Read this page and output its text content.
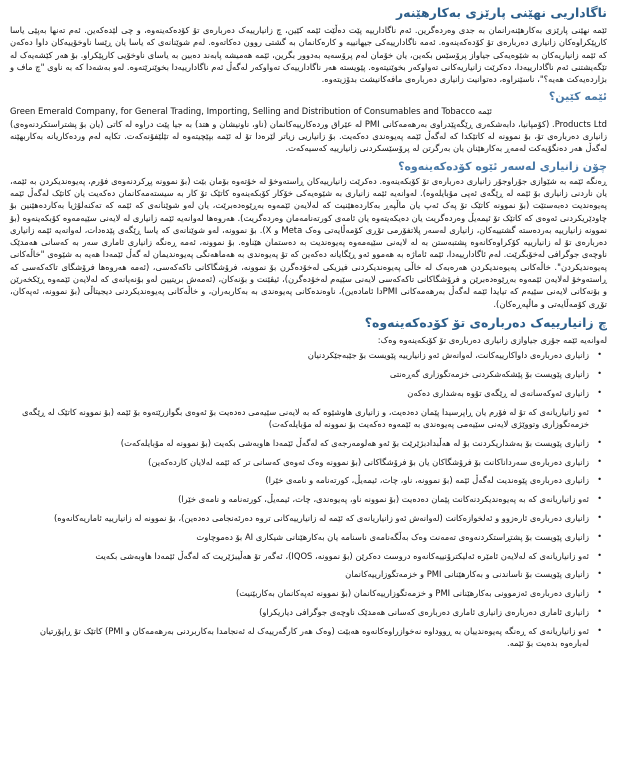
ناگاداریی نهێنی پارێزی بەکارهێنەر

ئێمە نهێنی پارێزی بەکارهێنەرانمان بە جدی وەردەگرین. ئەم ناگادارییە پێت دەڵێت ئێمە کێین، چ زانیارییەک دەربارەی تۆ کۆدەکەینەوە، و چی لێدەکەین. ئەم تەنها بەپێی یاسا کارپێکراوەکان زانیاری دەربارەی تۆ کۆدەکەینەوە. ئەمە ناگادارییەکی جیهانییە و کارەکانمان بە گشتی روون دەکاتەوە. لەم شوێنانەی کە یاسا یان ڕێسا ناوخۆییەکان داوا دەکەن کە ئێمە زانیاریەکان بە شێوەیەکی جیاواز پرۆسێس بکەین، یان خۆمان لەم پرۆسەیە بەدوور بگرین، ئێمە هەمیشە پابەند دەبین بە یاسای ناوخۆیی کارپێکراو. بۆ هەر کێشەیەک لە تێگەیشتنی ئەم ناگادارییەدا، دەکرێت زانیاریەکانی تەواوکەر بخوێنیتەوە. پێویستە هەر ناگادارییەک تەواوکەر لەگەڵ ئەم ناگادارییەدا بخوێنرێتەوە. لەو بەشەدا کە بە ناوی "چ ماف و بژاردەیەکت هەیە؟"، ناسێنراوە، دەتوانیت زانیاری دەربارەی مافەکانیشت بدۆزیتەوە.

ئێمە کێین؟

Green Emerald Company, for General Trading, Importing, Selling and Distribution of Consumables and Tobacco ئێمە

Products Ltd. (کۆمپانیا، دابەشکەری ڕێگەپێدراوی بەرهەمەکانی PMI لە عێراق وردەکارییەکانمان (ناو، ناونیشان و هتد) بە جیا پێت دراوە لە کاتی (یان بۆ پشتراستکردنەوەی) زانیاری دەربارەی تۆ، بۆ نموونە لە کاتێکدا کە لەگەڵ ئێمە پەیوەندی دەکەیت. بۆ زانیاریی زیاتر لێرەدا تۆ لە ئێمە بپێچیتەوە لە تێلێفۆنەکەت. تکایە لەم وردەکاریانە بەکاربهێنە لەگەڵ هەر دەنگۆیەکت لەمەڕ بەکارهێنان یان بەرگرتن لە پرۆسێسکردنی زانیارییە کەسیەکەت.

چۆن زانیاری لەسەر ئێوە کۆدەکەینەوە؟

ڕەنگە ئێمە بە شێوازی جۆراوجۆر زانیاری دەربارەی تۆ کۆبکەینەوە. دەکرێت زانیارییەکان ڕاستەوخۆ لە خۆتەوە بۆمان بێت (بۆ نموونە پڕکردنەوەی فۆرم، پەیوەندیکردن بە ئێمە، یان ناردنی زانیاری بۆ ئێمە لە ڕێگەی ئەپی مۆبایلەوە). لەوانەیە ئێمە زانیاری بە شێوەیەکی خۆکار کۆبکەینەوە کاتێک تۆ کار بە سیستەمەکانمان دەکەیت یان کاتێک لەگەڵ ئێمە پەیوەندیت دەبەستێت (بۆ نموونە کاتێک تۆ پەک ئەپ یان ماڵپەڕ بەکاردەهێنیت کە لەلایەن ئێمەوە بەڕێوەدەبرێت، یان لەو شوێنانەی کە ئێمە کە تەکنەلۆژیا بەکاردەهێنین بۆ چاودێریکردنی ئەوەی کە کاتێک تۆ ئیمەیڵ وەردەگریت یان دەیکەیتەوە یان ئامەی کورتەنامەمان وەردەگریت). هەروەها لەوانەیە ئێمە زانیاری لە لایەنی سێیەمەوە کۆبکەینەوە (بۆ نموونە زانیارییە بەردەستە گشتییەکان، زانیاری لەسەر پلاتفۆرمی تۆڕی کۆمەڵایەتی وەک Meta و X). بۆ نموونە، لەو شوێنانەی کە یاسا ڕێگەی پێدەدات، لەوانەیە ئێمە زانیاری دەربارەی تۆ لە زانیارییە کۆکراوەکانەوە پشتبەستن بە لە لایەنی سێیەمەوە پەیوەندیت بە دەستمان هێناوە. بۆ نموونە، ئەمە ڕەنگە زانیاری ئاماری سەر بە کەسانی هەمدێک ناوچەی جوگرافی لەخۆبگرێت. لەم ئاگادارییەدا، ئێمە ئاماژە بە هەموو ئەو ڕێگایانە دەکەین کە تۆ پەیوەندی بە هەماهەنگی پەیوەندیمان لە گەڵ ئێمەدا هەیە بە شێوەی "خاڵەکانی پەیوەندیکردن". خاڵەکانی پەیوەندیکردن هەرەبەک لە خاڵی پەیوەندیکردنی فیزیکی لەخۆدەگرن بۆ نموونە، فرۆشگاکانی تاکەکەسی، (ئەمە هەروەها فرۆشگای تاکەکەسی کە ڕاستەوخۆ لەلایەن ئێمەوە بەڕێوەدەبرێن و فرۆشگاکانی تاکەکەسی لایەنی سێیەم لەخۆدەگرن)، ئیڤێنت و بۆنەکان، (ئەمەش بریتیین لەو بۆنەیانەی کە لەلایەن ئێمەوە ڕێکخەرێن و بۆنەکانی لایەنی سێیەم کە تیایدا ئێمە لەگەڵ بەرهەمەکانی PMIدا ئامادەین)، ناوەندەکانی پەیوەندی بە بەکاربەران، و خاڵەکانی پەیوەندیکردنی دیجیتاڵی (بۆ نموونە، ئەپەکان، تۆڕی کۆمەڵایەتی و ماڵپەڕەکان).

چ زانیارییەک دەربارەی تۆ کۆدەکەینەوە؟

لەوانەیە ئێمە جۆری جیاوازی زانیاری دەربارەی تۆ کۆبکەینەوە وەک:

•
زانیاری دەربارەی داواکارییەکانت، لەوانەش ئەو زانیارییە پێویست بۆ جێبەجێکردنیان
•
زانیاری پێویست بۆ پێشکەشکردنی خزمەتگوزاری گەڕەنتی
•
زانیاری ئەوکەسانەی لە ڕێگەی تۆوە بەشداری دەکەن
•
ئەو زانیاریانەی کە تۆ لە فۆرم یان ڕاپرسیدا پێمان دەدەیت، و زانیاری هاوشێوە کە بە لایەنی سێیەمی دەدەیت بۆ ئەوەی بگوازرێتەوە بۆ ئێمە (بۆ نموونە کاتێک لە ڕێگەی خزمەتگوزاری وتووێژی لایەنی سێیەمی پەیوەندی بە ئێمەوە دەکەیت بۆ نموونە لە مۆبایلەکەت)
•
زانیاری پێویست بۆ بەشداریکردنت بۆ لە هەڵبدادبژێرێت بۆ ئەو هەلومەرجەی کە لەگەڵ ئێمەدا هاوبەشی بکەیت (بۆ نموونە لە مۆبایلەکەت)
•
زانیاری دەربارەی سەرداناکانت بۆ فرۆشگاکان یان بۆ فرۆشگاکانی (بۆ نموونە وەک ئەوەی کەسانی تر کە ئێمە لەلایان کاردەکەین)
•
زانیاری دەربارەی پێوەندیت لەگەڵ ئێمە (بۆ نموونە، ناو، چات، ئیمەیڵ، کورتەنامە و نامەی خێرا)
•
ئەو زانیاریانەی کە بە پەیوەندیکردنەکانت پێمان دەدەیت (بۆ نموونە ناو، پەیوەندی، چات، ئیمەیڵ، کورتەنامە و نامەی خێرا)
•
زانیاری دەربارەی ئارەزوو و ئەلخوازەکانت (لەوانەش ئەو زانیاریانەی کە ئێمە لە زانیارییەکانی تروە دەرئەنجامی دەدەین)، بۆ نموونە لە زانیارییە ئاماریەکانەوە)
•
زانیاری پێویست بۆ پشتڕاستکردنەوەی تەمەنت وەک بەڵگەنامەی ناسنامە یان بەکارهێنانی شیکاری AI بۆ دەموچاوت
•
ئەو زانیاریانەی کە لەلایەن ئامێرە ئەلیکترۆنییەکانەوە دروست دەکرێن (بۆ نموونە، IQOS)، ئەگەر تۆ هەڵیبژێریت کە لەگەڵ ئێمەدا هاوبەشی بکەیت
•
زانیاری پێویست بۆ ناساندنی و بەکارهێنانی PMI و خزمەتگوزارییەکانمان
•
زانیاری دەربارەی ئەزموونی بەکارهێنانی PMI و خزمەتگوزارییەکانمان (بۆ نموونە ئەپەکانمان بەکاربێنیت)
•
زانیاری ئاماری دەربارەی زانیاری ئاماری دەربارەی کەسانی هەمدێک ناوچەی جوگرافی دیاریکراو)
•
ئەو زانیاریانەی کە ڕەنگە پەیوەندییان بە ڕووداوە نەخوازراوەکانەوە هەبێت (وەک هەر کارگەرییەک لە ئەنجامدا بەکاربردنی بەرهەمەکان و PMI) کاتێک تۆ ڕاپۆرتیان لەبارەوە بدەیت بۆ ئێمە.
